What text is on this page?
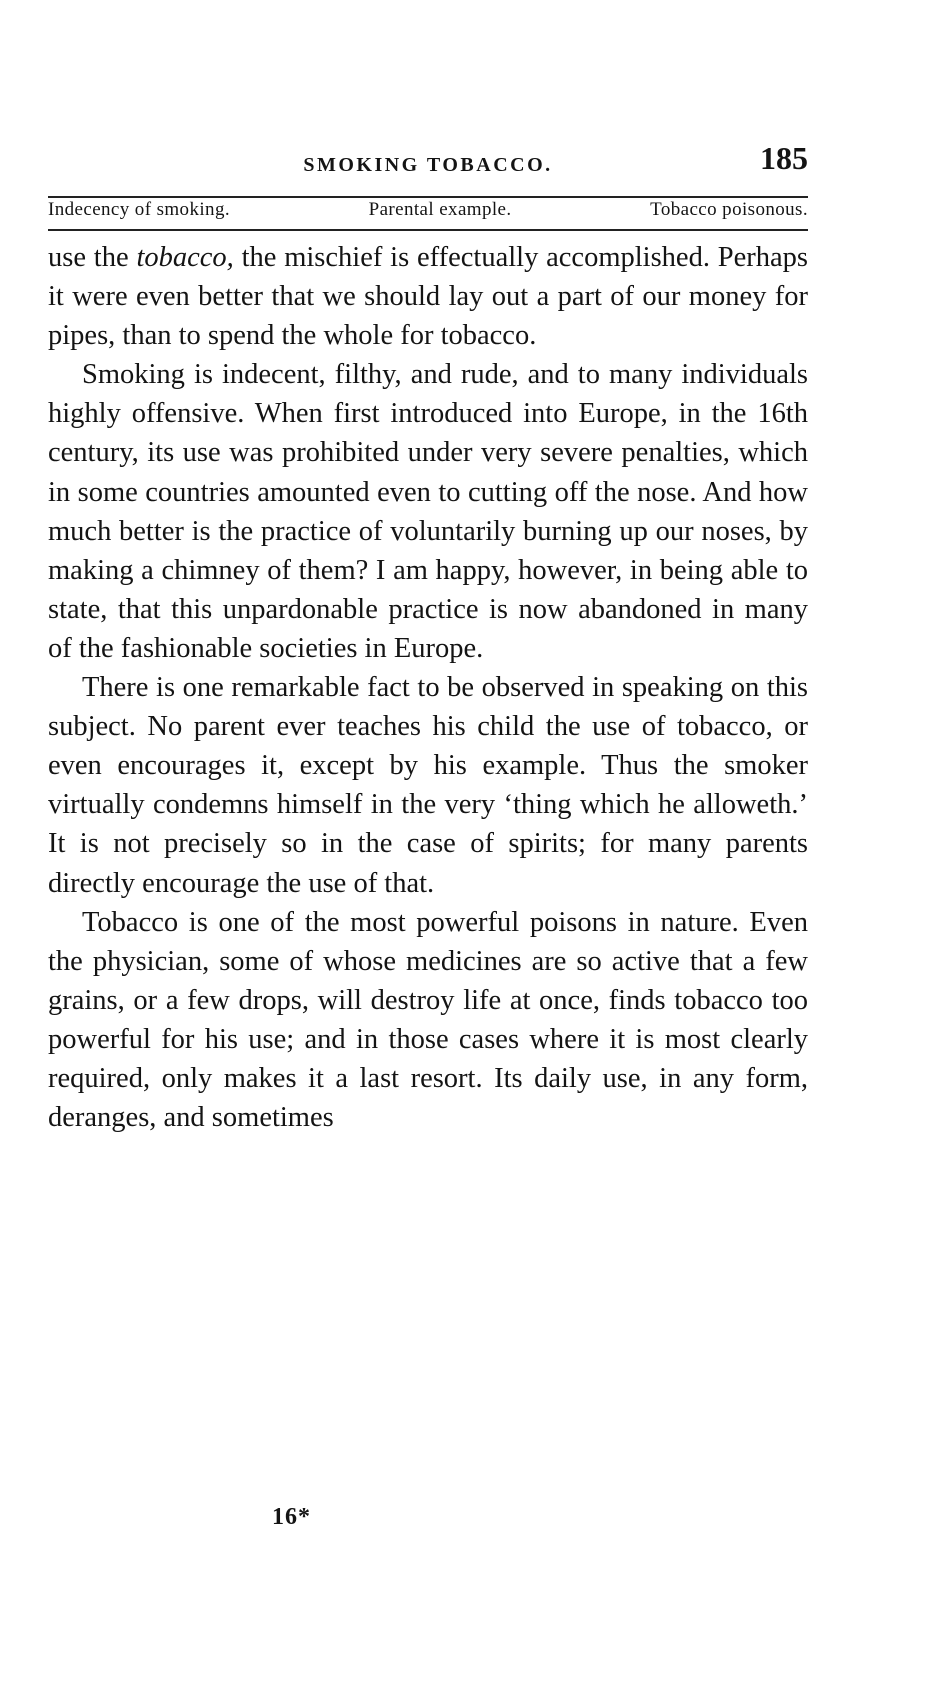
SMOKING TOBACCO.	185
Indecency of smoking.	Parental example.	Tobacco poisonous.

use the tobacco, the mischief is effectually accomplished. Perhaps it were even better that we should lay out a part of our money for pipes, than to spend the whole for tobacco.

Smoking is indecent, filthy, and rude, and to many individuals highly offensive. When first introduced into Europe, in the 16th century, its use was prohibited under very severe penalties, which in some countries amounted even to cutting off the nose. And how much better is the practice of voluntarily burning up our noses, by making a chimney of them? I am happy, however, in being able to state, that this unpardonable practice is now abandoned in many of the fashionable societies in Europe.

There is one remarkable fact to be observed in speaking on this subject. No parent ever teaches his child the use of tobacco, or even encourages it, except by his example. Thus the smoker virtually condemns himself in the very ‘thing which he alloweth.’ It is not precisely so in the case of spirits; for many parents directly encourage the use of that.

Tobacco is one of the most powerful poisons in nature. Even the physician, some of whose medicines are so active that a few grains, or a few drops, will destroy life at once, finds tobacco too powerful for his use; and in those cases where it is most clearly required, only makes it a last resort. Its daily use, in any form, deranges, and sometimes

16*
